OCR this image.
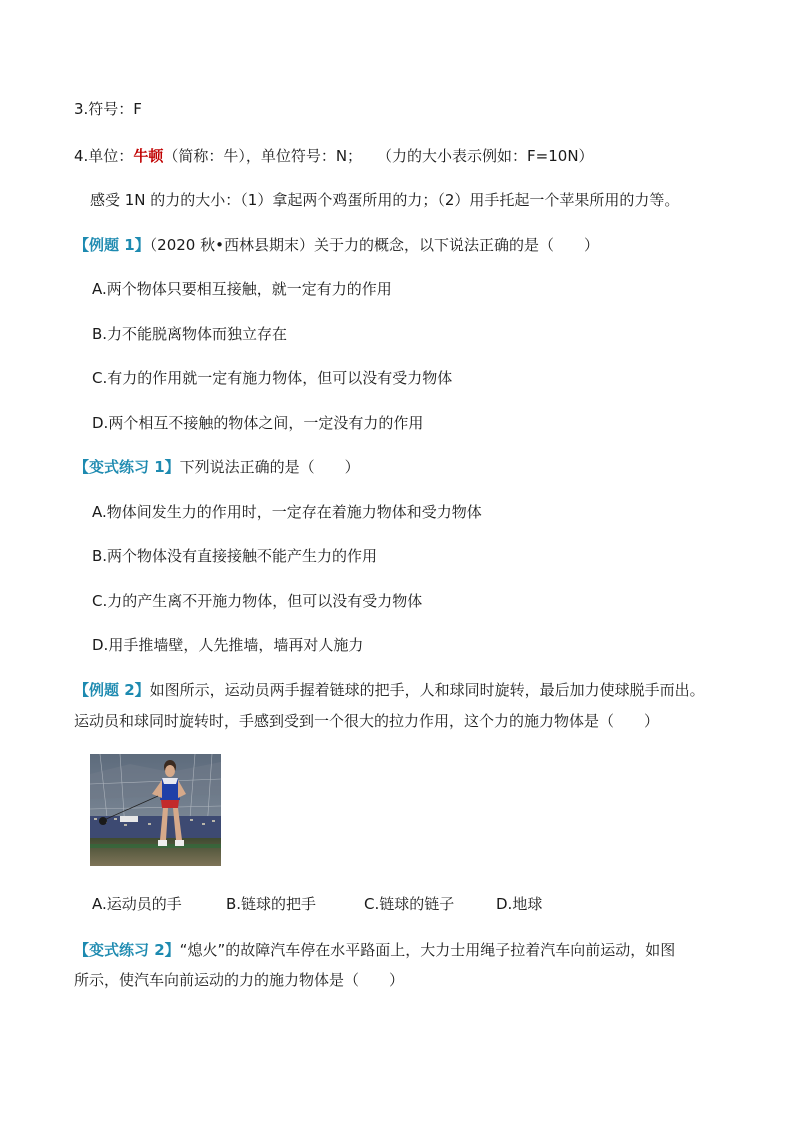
3.符号：F
4.单位：牛顿（简称：牛），单位符号：N；　　（力的大小表示例如：F=10N）
感受 1N 的力的大小：（1）拿起两个鸡蛋所用的力；（2）用手托起一个苹果所用的力等。
【例题 1】（2020 秋•西林县期末）关于力的概念，以下说法正确的是（　　）
A.两个物体只要相互接触，就一定有力的作用
B.力不能脱离物体而独立存在
C.有力的作用就一定有施力物体，但可以没有受力物体
D.两个相互不接触的物体之间，一定没有力的作用
【变式练习 1】下列说法正确的是（　　）
A.物体间发生力的作用时，一定存在着施力物体和受力物体
B.两个物体没有直接接触不能产生力的作用
C.力的产生离不开施力物体，但可以没有受力物体
D.用手推墙壁，人先推墙，墙再对人施力
【例题 2】如图所示，运动员两手握着链球的把手，人和球同时旋转，最后加力使球脱手而出。
运动员和球同时旋转时，手感到受到一个很大的拉力作用，这个力的施力物体是（　　）
A.运动员的手	B.链球的把手	C.链球的链子	D.地球
【变式练习 2】“熄火”的故障汽车停在水平路面上，大力士用绳子拉着汽车向前运动，如图
所示，使汽车向前运动的力的施力物体是（　　）
